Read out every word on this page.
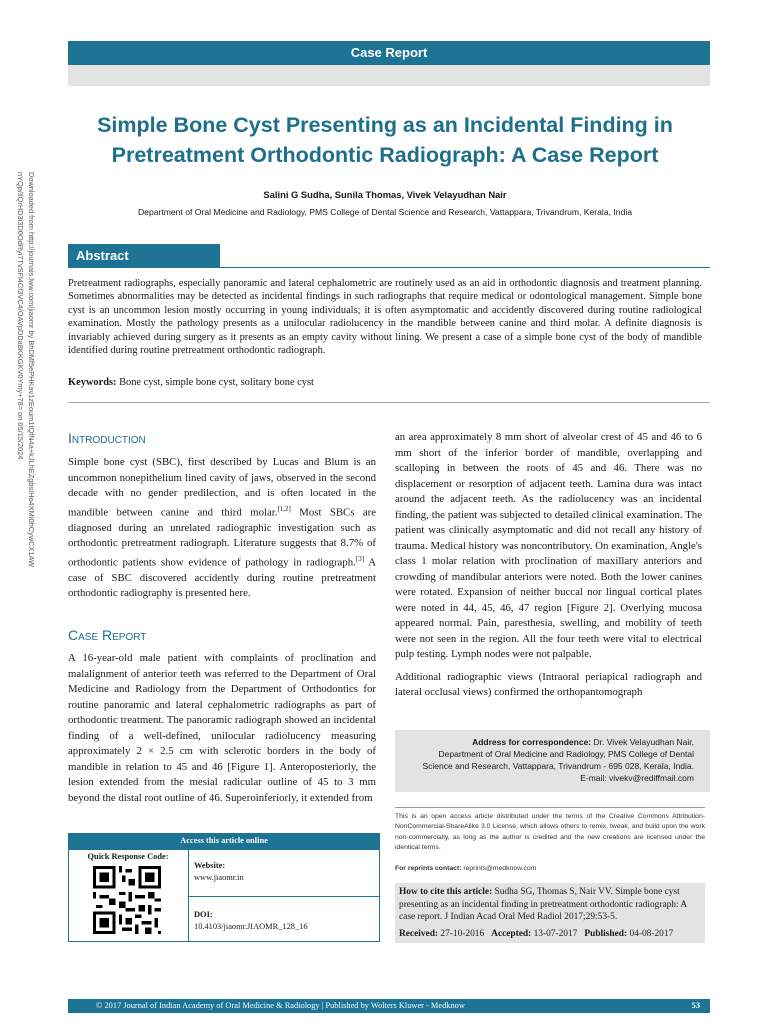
Case Report
Simple Bone Cyst Presenting as an Incidental Finding in Pretreatment Orthodontic Radiograph: A Case Report
Salini G Sudha, Sunila Thomas, Vivek Velayudhan Nair
Department of Oral Medicine and Radiology, PMS College of Dental Science and Research, Vattappara, Trivandrum, Kerala, India
Abstract
Pretreatment radiographs, especially panoramic and lateral cephalometric are routinely used as an aid in orthodontic diagnosis and treatment planning. Sometimes abnormalities may be detected as incidental findings in such radiographs that require medical or odontological management. Simple bone cyst is an uncommon lesion mostly occurring in young individuals; it is often asymptomatic and accidently discovered during routine radiological examination. Mostly the pathology presents as a unilocular radiolucency in the mandible between canine and third molar. A definite diagnosis is invariably achieved during surgery as it presents as an empty cavity without lining. We present a case of a simple bone cyst of the body of mandible identified during routine pretreatment orthodontic radiograph.
Keywords: Bone cyst, simple bone cyst, solitary bone cyst
Introduction

Simple bone cyst (SBC), first described by Lucas and Blum is an uncommon nonepithelium lined cavity of jaws, observed in the second decade with no gender predilection, and is often located in the mandible between canine and third molar.[1,2] Most SBCs are diagnosed during an unrelated radiographic investigation such as orthodontic pretreatment radiograph. Literature suggests that 8.7% of orthodontic patients show evidence of pathology in radiograph.[3] A case of SBC discovered accidently during routine pretreatment orthodontic radiography is presented here.

Case Report

A 16-year-old male patient with complaints of proclination and malalignment of anterior teeth was referred to the Department of Oral Medicine and Radiology from the Department of Orthodontics for routine panoramic and lateral cephalometric radiographs as part of orthodontic treatment. The panoramic radiograph showed an incidental finding of a well-defined, unilocular radiolucency measuring approximately 2 × 2.5 cm with sclerotic borders in the body of mandible in relation to 45 and 46 [Figure 1]. Anteroposteriorly, the lesion extended from the mesial radicular outline of 45 to 3 mm beyond the distal root outline of 46. Superoinferiorly, it extended from

an area approximately 8 mm short of alveolar crest of 45 and 46 to 6 mm short of the inferior border of mandible, overlapping and scalloping in between the roots of 45 and 46. There was no displacement or resorption of adjacent teeth. Lamina dura was intact around the adjacent teeth. As the radiolucency was an incidental finding, the patient was subjected to detailed clinical examination. The patient was clinically asymptomatic and did not recall any history of trauma. Medical history was noncontributory. On examination, Angle's class 1 molar relation with proclination of maxillary anteriors and crowding of mandibular anteriors were noted. Both the lower canines were rotated. Expansion of neither buccal nor lingual cortical plates were noted in 44, 45, 46, 47 region [Figure 2]. Overlying mucosa appeared normal. Pain, paresthesia, swelling, and mobility of teeth were not seen in the region. All the four teeth were vital to electrical pulp testing. Lymph nodes were not palpable.

Additional radiographic views (Intraoral periapical radiograph and lateral occlusal views) confirmed the orthopantomograph

Address for correspondence: Dr. Vivek Velayudhan Nair,
Department of Oral Medicine and Radiology, PMS College of Dental
Science and Research, Vattappara, Trivandrum - 695 028, Kerala, India.
E-mail: vivekv@rediffmail.com
This is an open access article distributed under the terms of the Creative Commons Attribution-NonCommercial-ShareAlike 3.0 License, which allows others to remix, tweak, and build upon the work non-commercially, as long as the author is credited and the new creations are licensed under the identical terms.
For reprints contact: reprints@medknow.com
How to cite this article: Sudha SG, Thomas S, Nair VV. Simple bone cyst presenting as an incidental finding in pretreatment orthodontic radiograph: A case report. J Indian Acad Oral Med Radiol 2017;29:53-5.
Received: 27-10-2016 Accepted: 13-07-2017 Published: 04-08-2017
Access this article online
Quick Response Code:
Website:
www.jiaomr.in
DOI:
10.4103/jiaomr.JIAOMR_128_16
© 2017 Journal of Indian Academy of Oral Medicine & Radiology | Published by Wolters Kluwer - Medknow	53
Downloaded from http://journals.lww.com/jiaomr by BhDMf5ePHKav1zEoum1tQfN4a+kJLhEZgbsIHo4XMi0hCywCX1AW
nYQp/IlQrHD3i3D0OdRyi7TvSFl4Cf3VC4/OAVpDDa8KKGKV0Ymy+78= on 05/15/2024
